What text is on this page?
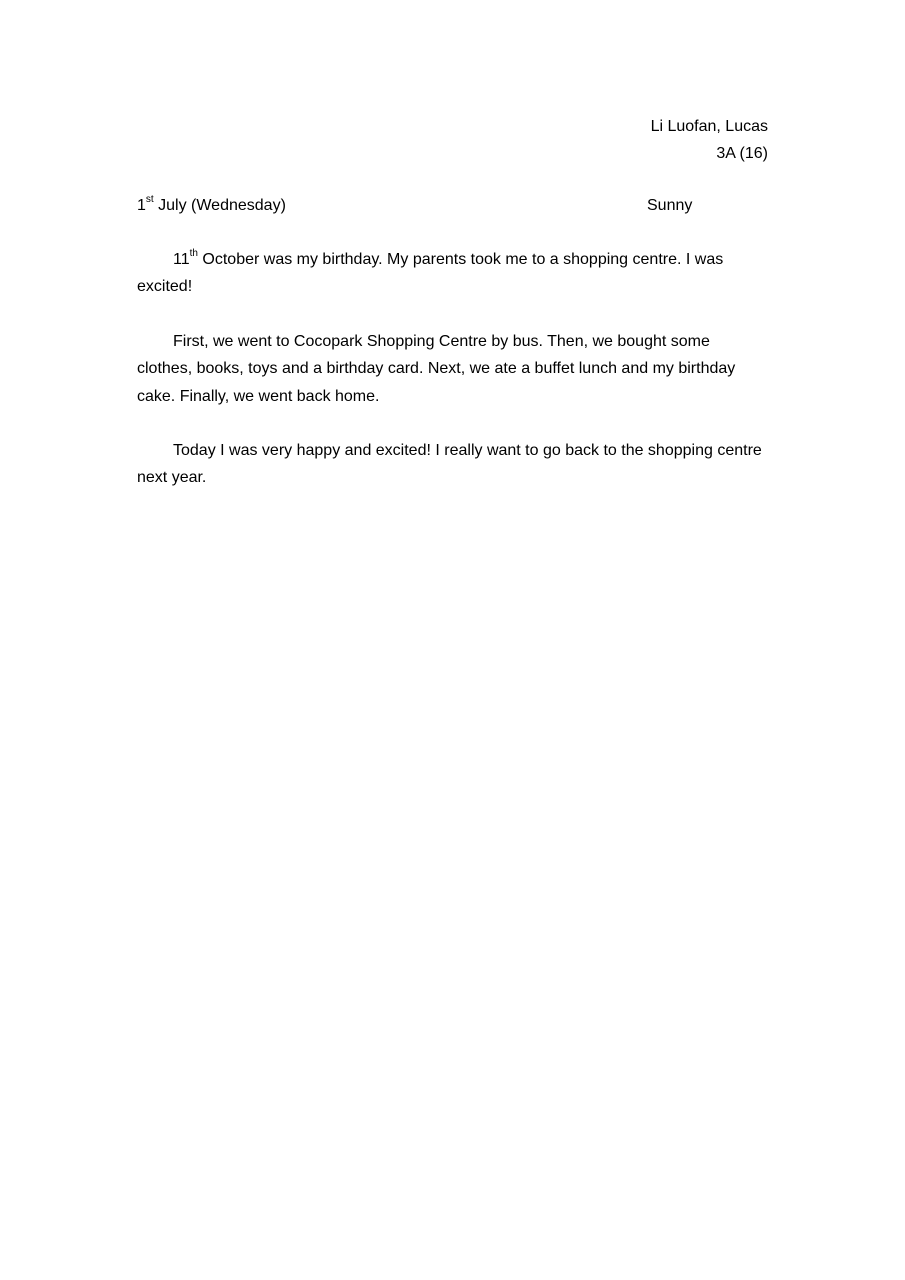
Li Luofan, Lucas
3A (16)
1st July (Wednesday)	Sunny

11th October was my birthday. My parents took me to a shopping centre. I was excited!

First, we went to Cocopark Shopping Centre by bus. Then, we bought some clothes, books, toys and a birthday card. Next, we ate a buffet lunch and my birthday cake. Finally, we went back home.

Today I was very happy and excited! I really want to go back to the shopping centre next year.
